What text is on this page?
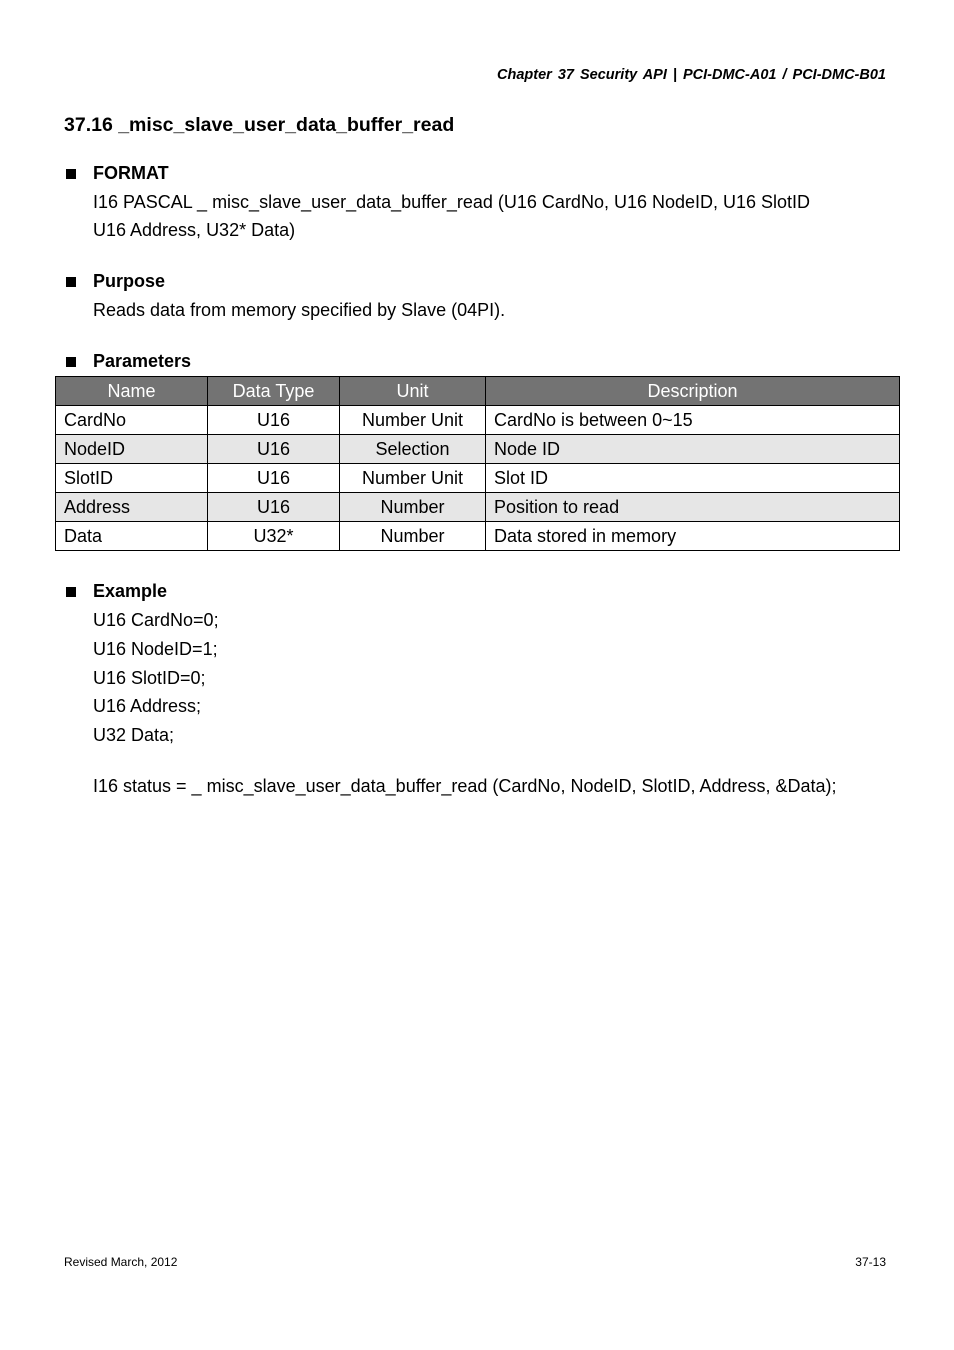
Chapter 37 Security API | PCI-DMC-A01 / PCI-DMC-B01
37.16 _misc_slave_user_data_buffer_read
FORMAT
I16 PASCAL _ misc_slave_user_data_buffer_read (U16 CardNo, U16 NodeID, U16 SlotID
U16 Address, U32* Data)
Purpose
Reads data from memory specified by Slave (04PI).
Parameters
Name	Data Type	Unit	Description
CardNo	U16	Number Unit	CardNo is between 0~15
NodeID	U16	Selection	Node ID
SlotID	U16	Number Unit	Slot ID
Address	U16	Number	Position to read
Data	U32*	Number	Data stored in memory
Example
U16 CardNo=0;
U16 NodeID=1;
U16 SlotID=0;
U16 Address;
U32 Data;
I16 status = _ misc_slave_user_data_buffer_read (CardNo, NodeID, SlotID, Address, &Data);
Revised March, 2012	37-13
